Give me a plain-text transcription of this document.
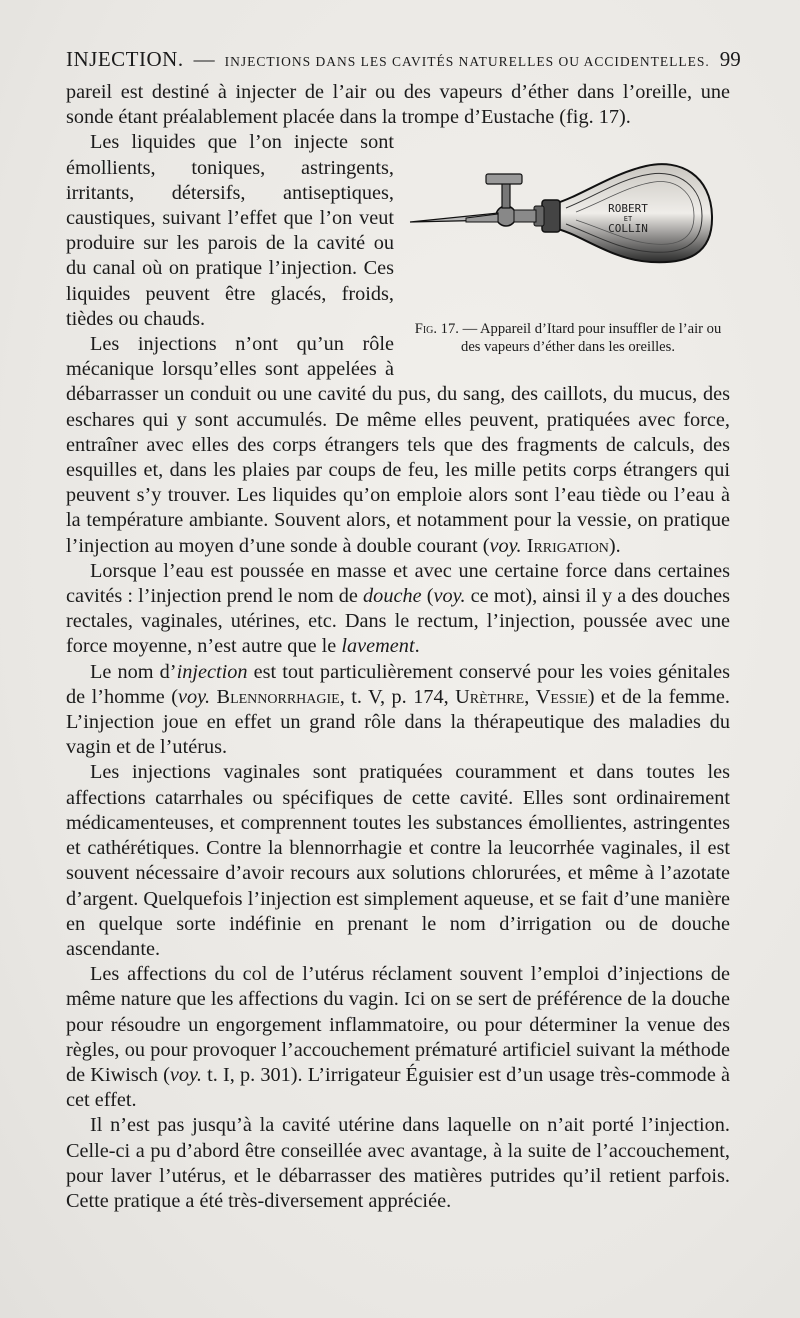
INJECTION. — INJECTIONS DANS LES CAVITÉS NATURELLES OU ACCIDENTELLES. 99

pareil est destiné à injecter de l’air ou des vapeurs d’éther dans l’oreille, une sonde étant préalablement placée dans la trompe d’Eustache (fig. 17).

ROBERT
ET
COLLIN
Fig. 17. — Appareil d’Itard pour insuffler de l’air ou des vapeurs d’éther dans les oreilles.

Les liquides que l’on injecte sont émollients, toniques, astringents, irritants, détersifs, antiseptiques, caustiques, suivant l’effet que l’on veut produire sur les parois de la cavité ou du canal où on pratique l’injection. Ces liquides peuvent être glacés, froids, tièdes ou chauds.

Les injections n’ont qu’un rôle mécanique lorsqu’elles sont appelées à débarrasser un conduit ou une cavité du pus, du sang, des caillots, du mucus, des eschares qui y sont accumulés. De même elles peuvent, pratiquées avec force, entraîner avec elles des corps étrangers tels que des fragments de calculs, des esquilles et, dans les plaies par coups de feu, les mille petits corps étrangers qui peuvent s’y trouver. Les liquides qu’on emploie alors sont l’eau tiède ou l’eau à la température ambiante. Souvent alors, et notamment pour la vessie, on pratique l’injection au moyen d’une sonde à double courant (voy. Irrigation).

Lorsque l’eau est poussée en masse et avec une certaine force dans certaines cavités : l’injection prend le nom de douche (voy. ce mot), ainsi il y a des douches rectales, vaginales, utérines, etc. Dans le rectum, l’injection, poussée avec une force moyenne, n’est autre que le lavement.

Le nom d’injection est tout particulièrement conservé pour les voies génitales de l’homme (voy. Blennorrhagie, t. V, p. 174, Urèthre, Vessie) et de la femme. L’injection joue en effet un grand rôle dans la thérapeutique des maladies du vagin et de l’utérus.

Les injections vaginales sont pratiquées couramment et dans toutes les affections catarrhales ou spécifiques de cette cavité. Elles sont ordinairement médicamenteuses, et comprennent toutes les substances émollientes, astringentes et cathérétiques. Contre la blennorrhagie et contre la leucorrhée vaginales, il est souvent nécessaire d’avoir recours aux solutions chlorurées, et même à l’azotate d’argent. Quelquefois l’injection est simplement aqueuse, et se fait d’une manière en quelque sorte indéfinie en prenant le nom d’irrigation ou de douche ascendante.

Les affections du col de l’utérus réclament souvent l’emploi d’injections de même nature que les affections du vagin. Ici on se sert de préférence de la douche pour résoudre un engorgement inflammatoire, ou pour déterminer la venue des règles, ou pour provoquer l’accouchement prématuré artificiel suivant la méthode de Kiwisch (voy. t. I, p. 301). L’irrigateur Éguisier est d’un usage très-commode à cet effet.

Il n’est pas jusqu’à la cavité utérine dans laquelle on n’ait porté l’injection. Celle-ci a pu d’abord être conseillée avec avantage, à la suite de l’accouchement, pour laver l’utérus, et le débarrasser des matières putrides qu’il retient parfois. Cette pratique a été très-diversement appréciée.
